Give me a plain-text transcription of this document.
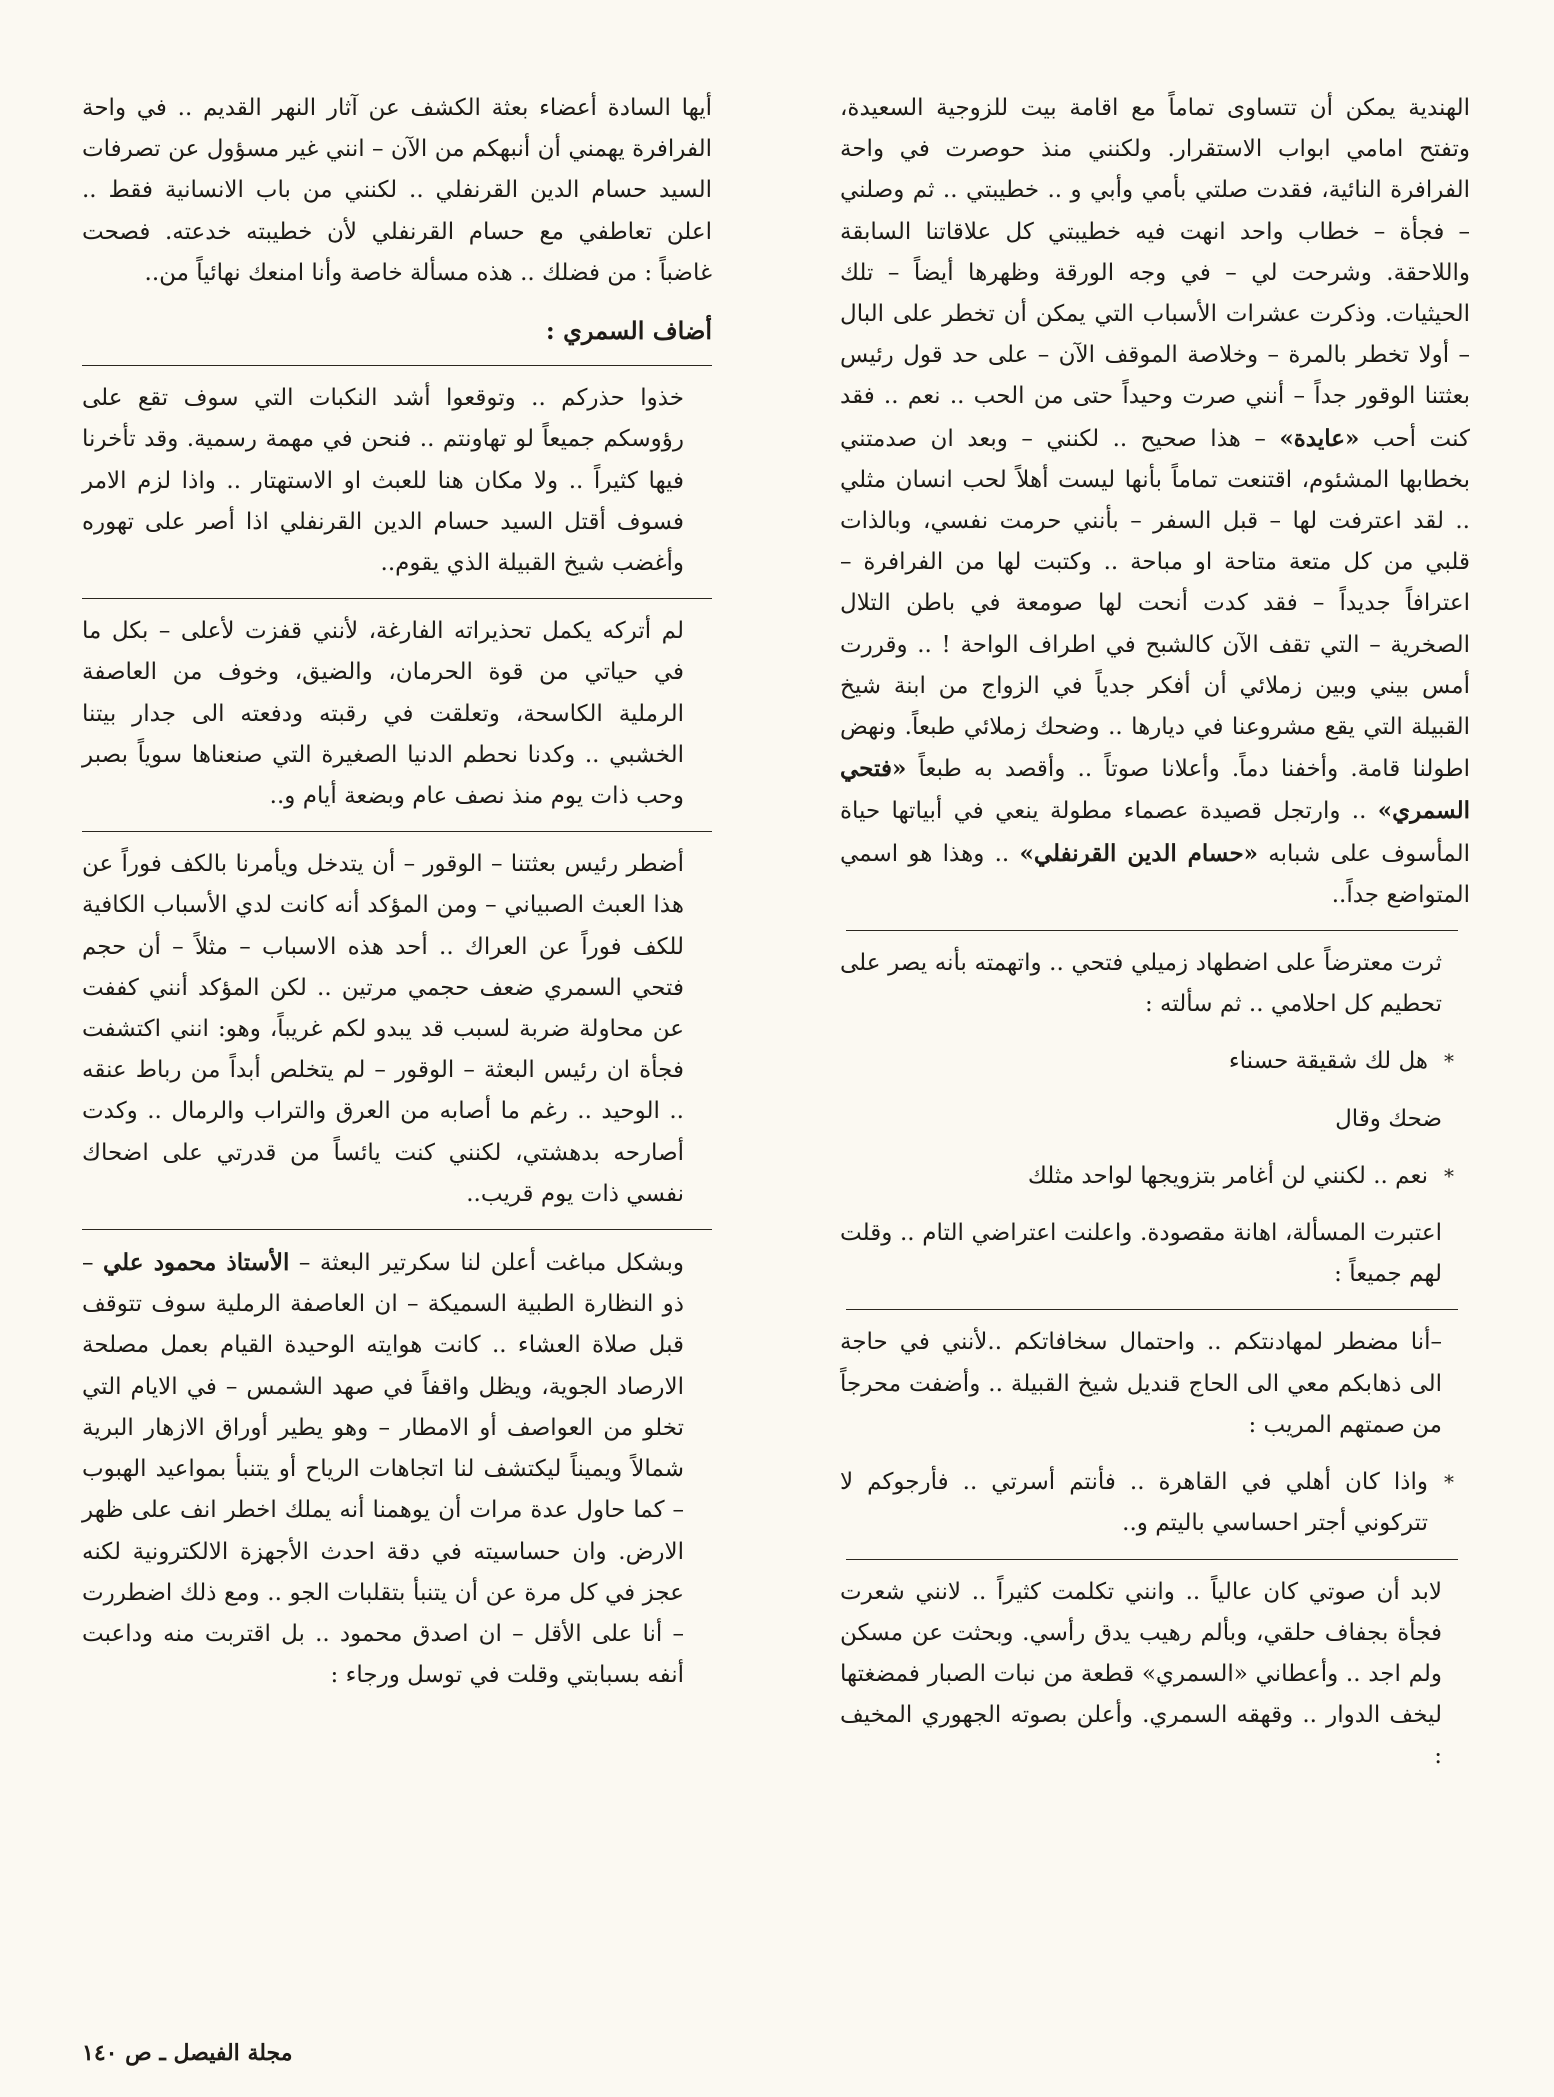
الهندية يمكن أن تتساوى تماماً مع اقامة بيت للزوجية السعيدة، وتفتح امامي ابواب الاستقرار. ولكنني منذ حوصرت في واحة الفرافرة النائية، فقدت صلتي بأمي وأبي و .. خطيبتي .. ثم وصلني – فجأة – خطاب واحد انهت فيه خطيبتي كل علاقاتنا السابقة واللاحقة. وشرحت لي – في وجه الورقة وظهرها أيضاً – تلك الحيثيات. وذكرت عشرات الأسباب التي يمكن أن تخطر على البال – أولا تخطر بالمرة – وخلاصة الموقف الآن – على حد قول رئيس بعثتنا الوقور جداً – أنني صرت وحيداً حتى من الحب .. نعم .. فقد كنت أحب «عايدة» – هذا صحيح .. لكنني – وبعد ان صدمتني بخطابها المشئوم، اقتنعت تماماً بأنها ليست أهلاً لحب انسان مثلي .. لقد اعترفت لها – قبل السفر – بأنني حرمت نفسي، وبالذات قلبي من كل متعة متاحة او مباحة .. وكتبت لها من الفرافرة – اعترافاً جديداً – فقد كدت أنحت لها صومعة في باطن التلال الصخرية – التي تقف الآن كالشبح في اطراف الواحة ! .. وقررت أمس بيني وبين زملائي أن أفكر جدياً في الزواج من ابنة شيخ القبيلة التي يقع مشروعنا في ديارها .. وضحك زملائي طبعاً. ونهض اطولنا قامة. وأخفنا دماً. وأعلانا صوتاً .. وأقصد به طبعاً «فتحي السمري» .. وارتجل قصيدة عصماء مطولة ينعي في أبياتها حياة المأسوف على شبابه «حسام الدين القرنفلي» .. وهذا هو اسمي المتواضع جداً..

ثرت معترضاً على اضطهاد زميلي فتحي .. واتهمته بأنه يصر على تحطيم كل احلامي .. ثم سألته :

*
هل لك شقيقة حسناء

ضحك وقال

*
نعم .. لكنني لن أغامر بتزويجها لواحد مثلك

اعتبرت المسألة، اهانة مقصودة. واعلنت اعتراضي التام .. وقلت لهم جميعاً :

–أنا مضطر لمهادنتكم .. واحتمال سخافاتكم ..لأنني في حاجة الى ذهابكم معي الى الحاج قنديل شيخ القبيلة .. وأضفت محرجاً من صمتهم المريب :

*
واذا كان أهلي في القاهرة .. فأنتم أسرتي .. فأرجوكم لا تتركوني أجتر احساسي باليتم و..

لابد أن صوتي كان عالياً .. وانني تكلمت كثيراً .. لانني شعرت فجأة بجفاف حلقي، وبألم رهيب يدق رأسي. وبحثت عن مسكن ولم اجد .. وأعطاني «السمري» قطعة من نبات الصبار فمضغتها ليخف الدوار .. وقهقه السمري. وأعلن بصوته الجهوري المخيف :

أيها السادة أعضاء بعثة الكشف عن آثار النهر القديم .. في واحة الفرافرة يهمني أن أنبهكم من الآن – انني غير مسؤول عن تصرفات السيد حسام الدين القرنفلي .. لكنني من باب الانسانية فقط .. اعلن تعاطفي مع حسام القرنفلي لأن خطيبته خدعته. فصحت غاضباً : من فضلك .. هذه مسألة خاصة وأنا امنعك نهائياً من..

أضاف السمري :

خذوا حذركم .. وتوقعوا أشد النكبات التي سوف تقع على رؤوسكم جميعاً لو تهاونتم .. فنحن في مهمة رسمية. وقد تأخرنا فيها كثيراً .. ولا مكان هنا للعبث او الاستهتار .. واذا لزم الامر فسوف أقتل السيد حسام الدين القرنفلي اذا أصر على تهوره وأغضب شيخ القبيلة الذي يقوم..

لم أتركه يكمل تحذيراته الفارغة، لأنني قفزت لأعلى – بكل ما في حياتي من قوة الحرمان، والضيق، وخوف من العاصفة الرملية الكاسحة، وتعلقت في رقبته ودفعته الى جدار بيتنا الخشبي .. وكدنا نحطم الدنيا الصغيرة التي صنعناها سوياً بصبر وحب ذات يوم منذ نصف عام وبضعة أيام و..

أضطر رئيس بعثتنا – الوقور – أن يتدخل ويأمرنا بالكف فوراً عن هذا العبث الصبياني – ومن المؤكد أنه كانت لدي الأسباب الكافية للكف فوراً عن العراك .. أحد هذه الاسباب – مثلاً – أن حجم فتحي السمري ضعف حجمي مرتين .. لكن المؤكد أنني كففت عن محاولة ضربة لسبب قد يبدو لكم غريباً، وهو: انني اكتشفت فجأة ان رئيس البعثة – الوقور – لم يتخلص أبداً من رباط عنقه .. الوحيد .. رغم ما أصابه من العرق والتراب والرمال .. وكدت أصارحه بدهشتي، لكنني كنت يائساً من قدرتي على اضحاك نفسي ذات يوم قريب..

وبشكل مباغت أعلن لنا سكرتير البعثة – الأستاذ محمود علي – ذو النظارة الطبية السميكة – ان العاصفة الرملية سوف تتوقف قبل صلاة العشاء .. كانت هوايته الوحيدة القيام بعمل مصلحة الارصاد الجوية، ويظل واقفاً في صهد الشمس – في الايام التي تخلو من العواصف أو الامطار – وهو يطير أوراق الازهار البرية شمالاً ويميناً ليكتشف لنا اتجاهات الرياح أو يتنبأ بمواعيد الهبوب – كما حاول عدة مرات أن يوهمنا أنه يملك اخطر انف على ظهر الارض. وان حساسيته في دقة احدث الأجهزة الالكترونية لكنه عجز في كل مرة عن أن يتنبأ بتقلبات الجو .. ومع ذلك اضطررت – أنا على الأقل – ان اصدق محمود .. بل اقتربت منه وداعبت أنفه بسبابتي وقلت في توسل ورجاء :

مجلة الفيصل ـ ص ١٤٠
